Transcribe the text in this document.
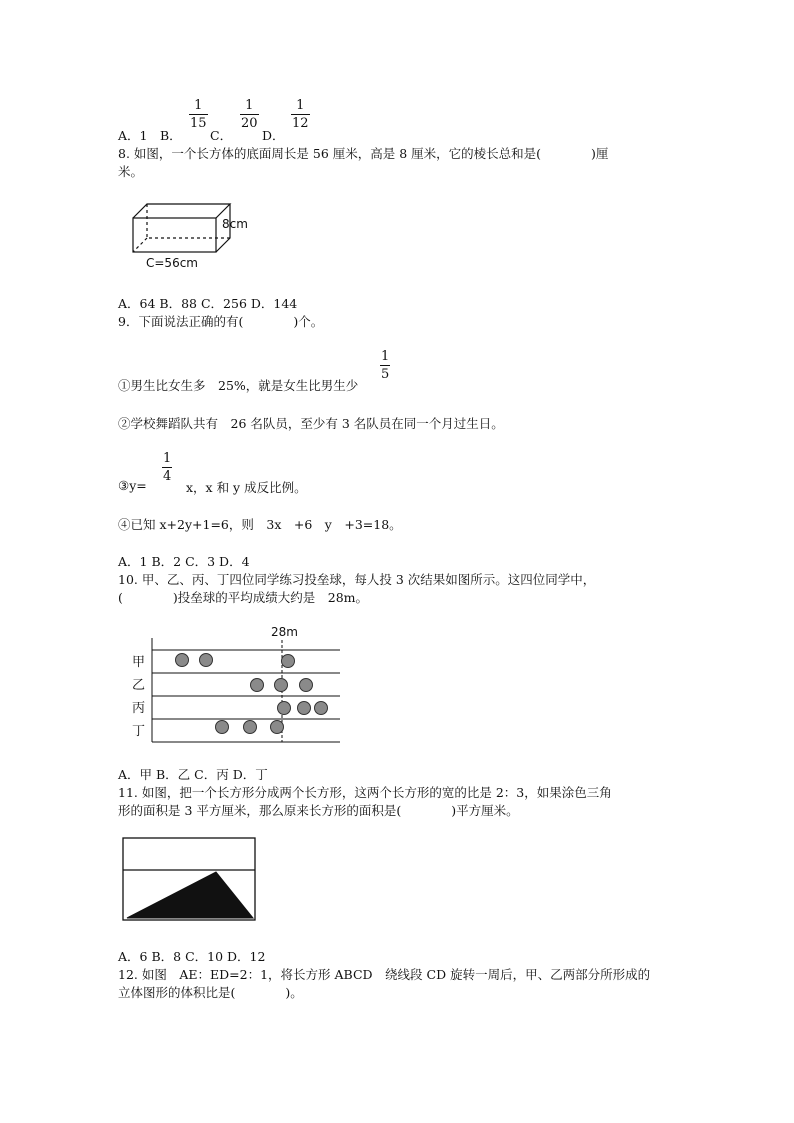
A．1 B．
1
15
C．
1
20
D．
1
12
8. 如图，一个长方体的底面周长是 56 厘米，高是 8 厘米，它的棱长总和是(　　　　)厘
米。
8cm
C=56cm
A．64 B．88 C．256 D．144
9．下面说法正确的有(　　　　)个。
①男生比女生多　25%，就是女生比男生少
1
5
②学校舞蹈队共有　26 名队员，至少有 3 名队员在同一个月过生日。
③y=
1
4
x，x 和 y 成反比例。
④已知 x+2y+1=6，则　3x　+6　y　+3=18。
A．1 B．2 C．3 D．4
10. 甲、乙、丙、丁四位同学练习投垒球，每人投 3 次结果如图所示。这四位同学中，
(　　　　)投垒球的平均成绩大约是　28m。
28m
甲
乙
丙
丁
A．甲 B．乙 C．丙 D．丁
11. 如图，把一个长方形分成两个长方形，这两个长方形的宽的比是 2：3，如果涂色三角
形的面积是 3 平方厘米，那么原来长方形的面积是(　　　　)平方厘米。
A．6 B．8 C．10 D．12
12. 如图　AE：ED=2：1，将长方形 ABCD　绕线段 CD 旋转一周后，甲、乙两部分所形成的
立体图形的体积比是(　　　　)。
